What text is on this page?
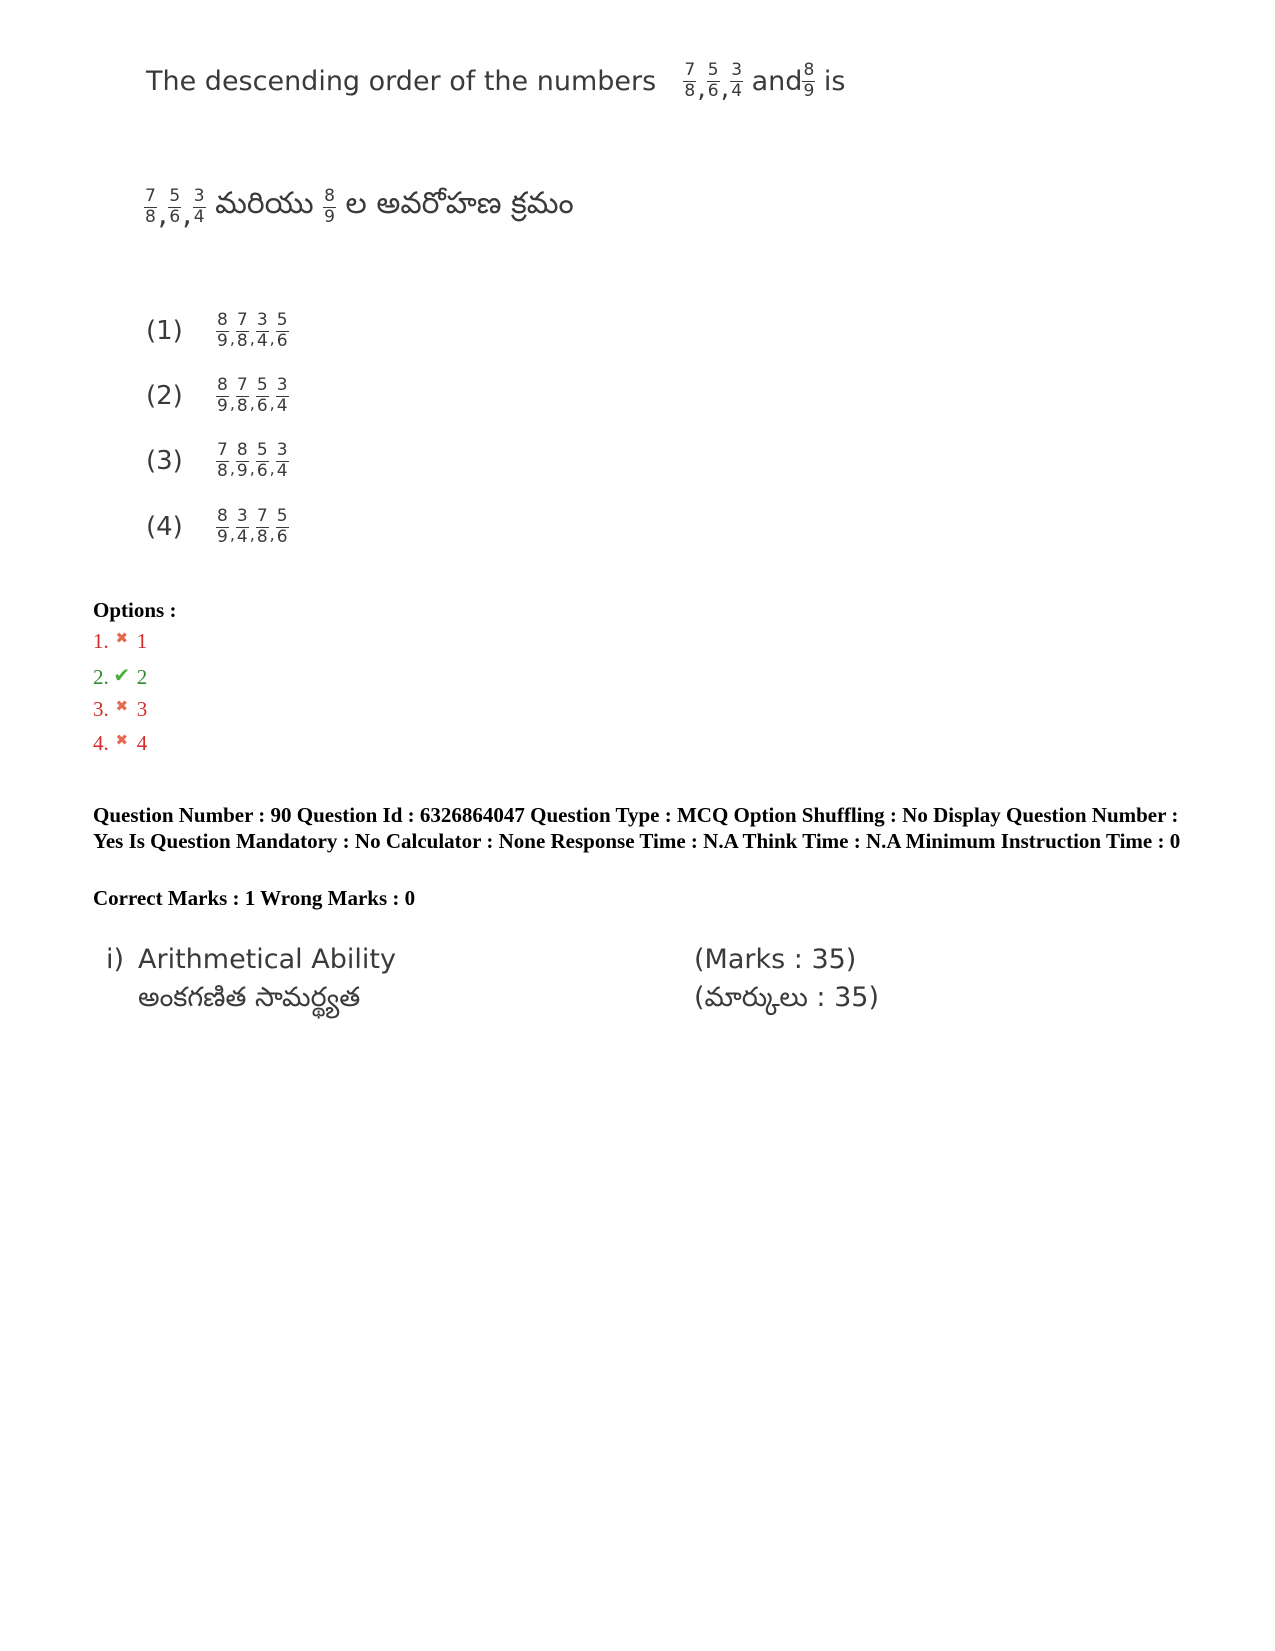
The descending order of the numbers $\frac{7}{8}$ , $\frac{5}{6}$ , $\frac{3}{4}$ and $\frac{8}{9}$ is
$\frac{7}{8}$ , $\frac{5}{6}$ , $\frac{3}{4}$ మరియు $\frac{8}{9}$ ల అవరోహణ క్రమం
$(1) \frac{8}{9}$ , $\frac{7}{8}$ , $\frac{3}{4}$ , $\frac{5}{6}$
$(2) \frac{8}{9}$ , $\frac{7}{8}$ , $\frac{5}{6}$ , $\frac{3}{4}$
$(3) \frac{7}{8}$ , $\frac{8}{9}$ , $\frac{5}{6}$ , $\frac{3}{4}$
$(4) \frac{8}{9}$ , $\frac{3}{4}$ , $\frac{7}{8}$ , $\frac{5}{6}$
Options :
1. ✖ 1
2. ✔ 2
3. ✖ 3
4. ✖ 4
Question Number : 90 Question Id : 6326864047 Question Type : MCQ Option Shuffling : No Display Question Number : Yes Is Question Mandatory : No Calculator : None Response Time : N.A Think Time : N.A Minimum Instruction Time : 0
Correct Marks : 1 Wrong Marks : 0
i) Arithmetical Ability
అంకగణిత సామర్థ్యత
(Marks : 35)
(మార్కులు : 35)
